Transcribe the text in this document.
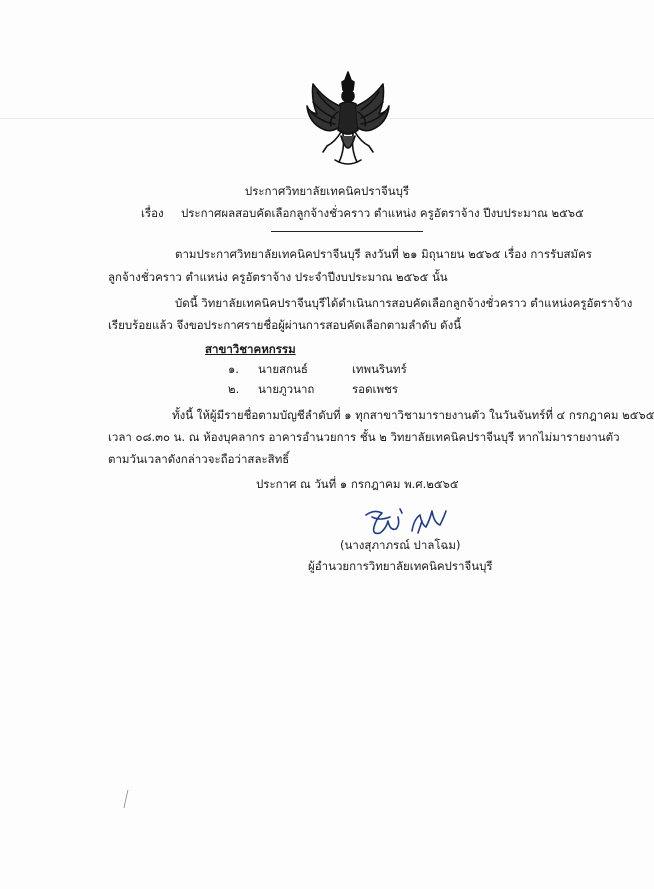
ประกาศวิทยาลัยเทคนิคปราจีนบุรี
เรื่อง ประกาศผลสอบคัดเลือกลูกจ้างชั่วคราว ตำแหน่ง ครูอัตราจ้าง ปีงบประมาณ ๒๕๖๕
ตามประกาศวิทยาลัยเทคนิคปราจีนบุรี ลงวันที่ ๒๑ มิถุนายน ๒๕๖๕ เรื่อง การรับสมัคร
ลูกจ้างชั่วคราว ตำแหน่ง ครูอัตราจ้าง ประจำปีงบประมาณ ๒๕๖๕ นั้น
บัดนี้ วิทยาลัยเทคนิคปราจีนบุรีได้ดำเนินการสอบคัดเลือกลูกจ้างชั่วคราว ตำแหน่งครูอัตราจ้าง
เรียบร้อยแล้ว จึงขอประกาศรายชื่อผู้ผ่านการสอบคัดเลือกตามลำดับ ดังนี้
สาขาวิชาคหกรรม
๑. นายสกนธ์	เทพนรินทร์
๒. นายภูวนาถ	รอดเพชร
ทั้งนี้ ให้ผู้มีรายชื่อตามบัญชีลำดับที่ ๑ ทุกสาขาวิชามารายงานตัว ในวันจันทร์ที่ ๔ กรกฎาคม ๒๕๖๕
เวลา ๐๘.๓๐ น. ณ ห้องบุคลากร อาคารอำนวยการ ชั้น ๒ วิทยาลัยเทคนิคปราจีนบุรี หากไม่มารายงานตัว
ตามวันเวลาดังกล่าวจะถือว่าสละสิทธิ์
ประกาศ ณ วันที่ ๑ กรกฎาคม พ.ศ.๒๕๖๕
(นางสุภาภรณ์ ปาลโฉม)
ผู้อำนวยการวิทยาลัยเทคนิคปราจีนบุรี
